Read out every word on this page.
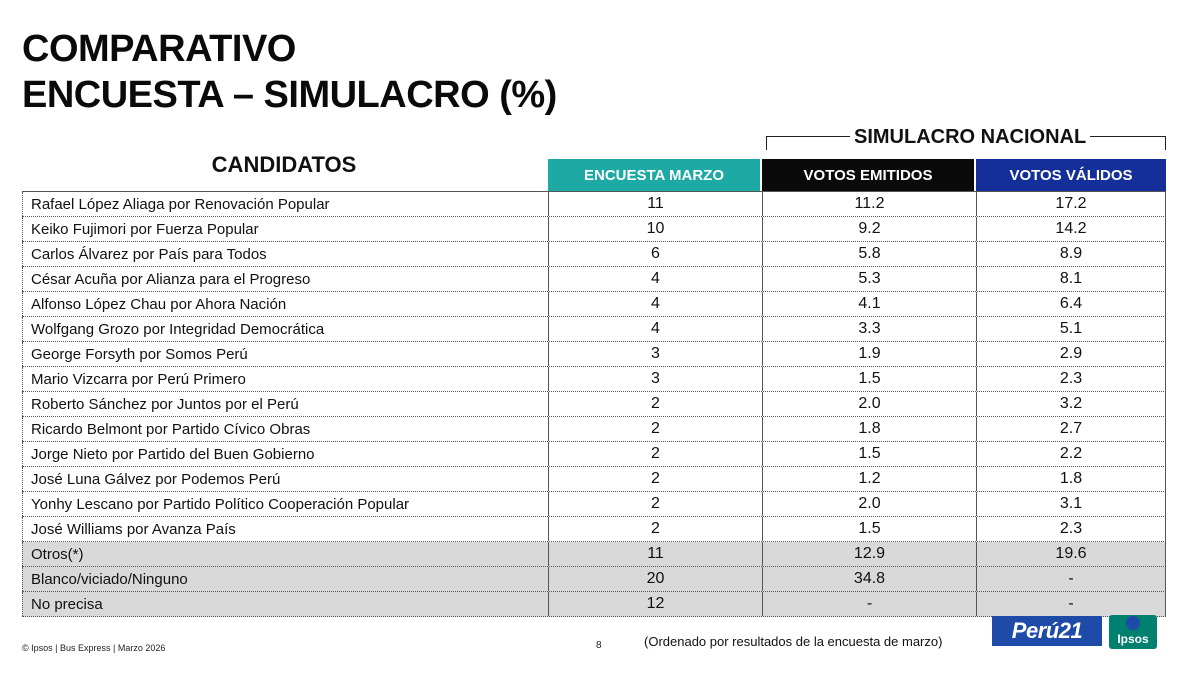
COMPARATIVO
ENCUESTA – SIMULACRO (%)
SIMULACRO NACIONAL
CANDIDATOS	ENCUESTA MARZO	VOTOS EMITIDOS	VOTOS VÁLIDOS
Rafael López Aliaga por Renovación Popular	11	11.2	17.2
Keiko Fujimori por Fuerza Popular	10	9.2	14.2
Carlos Álvarez por País para Todos	6	5.8	8.9
César Acuña por Alianza para el Progreso	4	5.3	8.1
Alfonso López Chau por Ahora Nación	4	4.1	6.4
Wolfgang Grozo por Integridad Democrática	4	3.3	5.1
George Forsyth por Somos Perú	3	1.9	2.9
Mario Vizcarra por Perú Primero	3	1.5	2.3
Roberto Sánchez por Juntos por el Perú	2	2.0	3.2
Ricardo Belmont por Partido Cívico Obras	2	1.8	2.7
Jorge Nieto por Partido del Buen Gobierno	2	1.5	2.2
José Luna Gálvez por Podemos Perú	2	1.2	1.8
Yonhy Lescano por Partido Político Cooperación Popular	2	2.0	3.1
José Williams por Avanza País	2	1.5	2.3
Otros(*)	11	12.9	19.6
Blanco/viciado/Ninguno	20	34.8	-
No precisa	12	-	-
© Ipsos | Bus Express | Marzo 2026	8	(Ordenado por resultados de la encuesta de marzo)	Perú21	Ipsos
